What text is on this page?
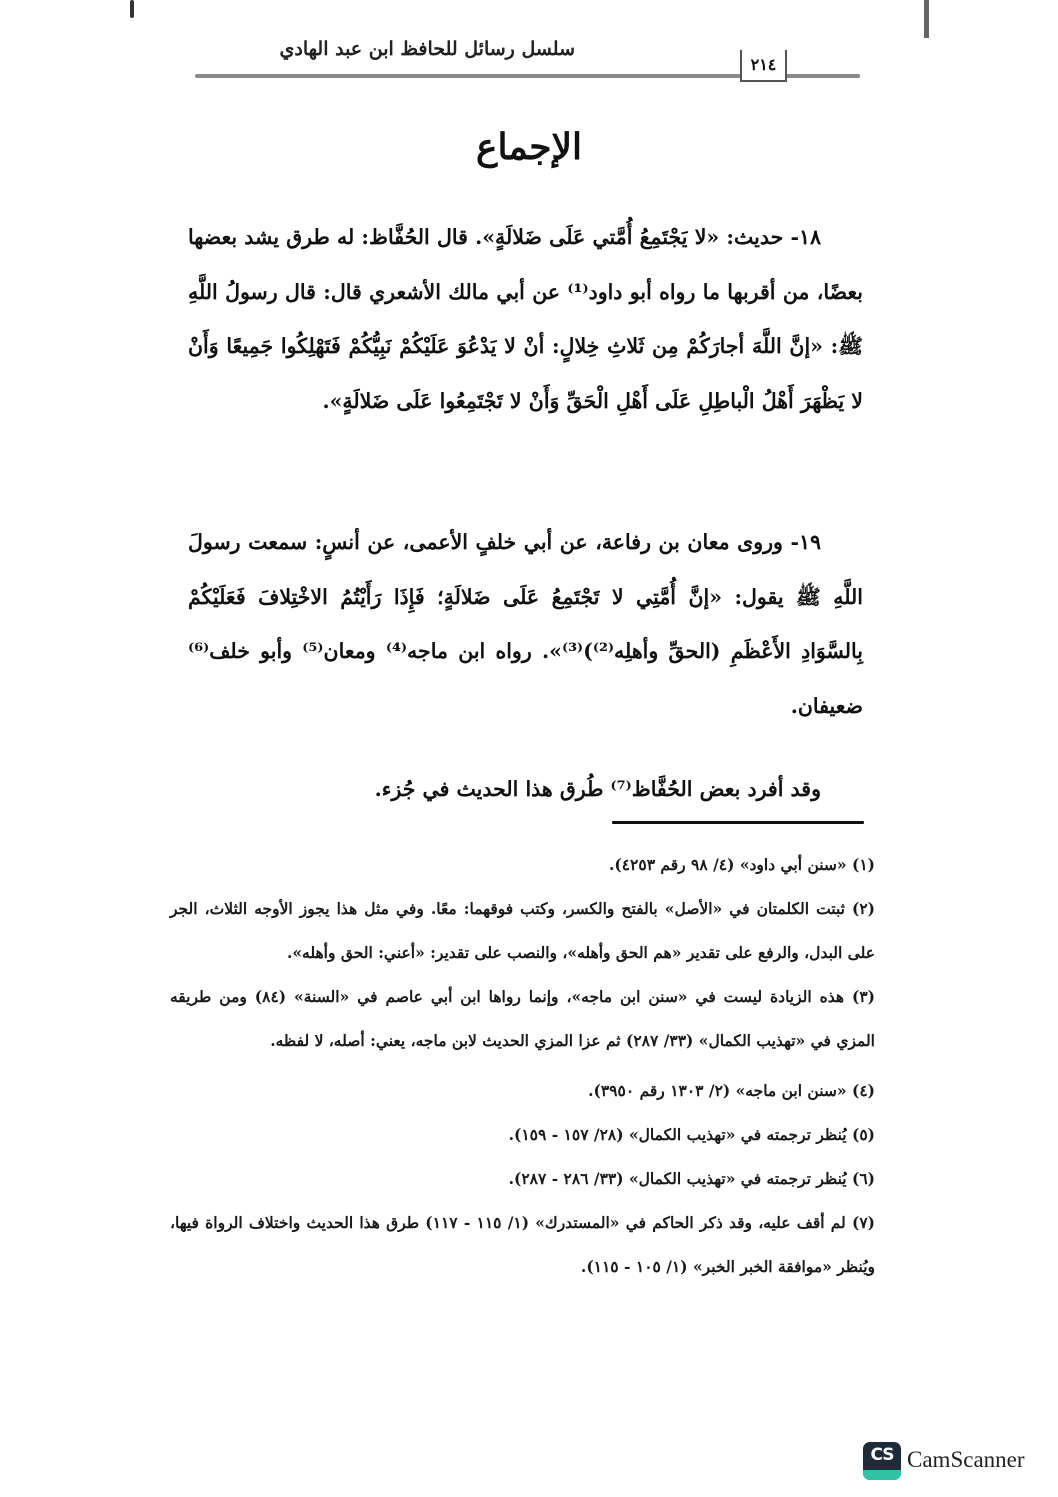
سلسل رسائل للحافظ ابن عبد الهادي
٢١٤
الإجماع

١٨- حديث: «لا يَجْتَمِعُ أُمَّتي عَلَى ضَلالَةٍ». قال الحُفَّاظ: له طرق يشد بعضها بعضًا، من أقربها ما رواه أبو داود⁽¹⁾ عن أبي مالك الأشعري قال: قال رسولُ اللَّهِ ﷺ: «إنَّ اللَّهَ أجارَكُمْ مِن ثَلاثِ خِلالٍ: أنْ لا يَدْعُوَ عَلَيْكُمْ نَبِيُّكُمْ فَتَهْلِكُوا جَمِيعًا وَأَنْ لا يَظْهَرَ أَهْلُ الْباطِلِ عَلَى أَهْلِ الْحَقِّ وَأَنْ لا تَجْتَمِعُوا عَلَى ضَلالَةٍ».

١٩- وروى معان بن رفاعة، عن أبي خلفٍ الأعمى، عن أنسٍ: سمعت رسولَ اللَّهِ ﷺ يقول: «إنَّ أُمَّتِي لا تَجْتَمِعُ عَلَى ضَلالَةٍ؛ فَإِذَا رَأَيْتُمُ الاخْتِلافَ فَعَلَيْكُمْ بِالسَّوَادِ الأَعْظَمِ (الحقِّ وأهلِه⁽²⁾)⁽³⁾». رواه ابن ماجه⁽⁴⁾ ومعان⁽⁵⁾ وأبو خلف⁽⁶⁾ ضعيفان.

وقد أفرد بعض الحُفَّاظ⁽⁷⁾ طُرق هذا الحديث في جُزء.

(١) «سنن أبي داود» (٤/ ٩٨ رقم ٤٢٥٣).

(٢) ثبتت الكلمتان في «الأصل» بالفتح والكسر، وكتب فوقهما: معًا. وفي مثل هذا يجوز الأوجه الثلاث، الجر على البدل، والرفع على تقدير «هم الحق وأهله»، والنصب على تقدير: «أعني: الحق وأهله».

(٣) هذه الزيادة ليست في «سنن ابن ماجه»، وإنما رواها ابن أبي عاصم في «السنة» (٨٤) ومن طريقه المزي في «تهذيب الكمال» (٣٣/ ٢٨٧) ثم عزا المزي الحديث لابن ماجه، يعني: أصله، لا لفظه.

(٤) «سنن ابن ماجه» (٢/ ١٣٠٣ رقم ٣٩٥٠).

(٥) يُنظر ترجمته في «تهذيب الكمال» (٢٨/ ١٥٧ - ١٥٩).

(٦) يُنظر ترجمته في «تهذيب الكمال» (٣٣/ ٢٨٦ - ٢٨٧).

(٧) لم أقف عليه، وقد ذكر الحاكم في «المستدرك» (١/ ١١٥ - ١١٧) طرق هذا الحديث واختلاف الرواة فيها، ويُنظر «موافقة الخبر الخبر» (١/ ١٠٥ - ١١٥).

CS CamScanner
